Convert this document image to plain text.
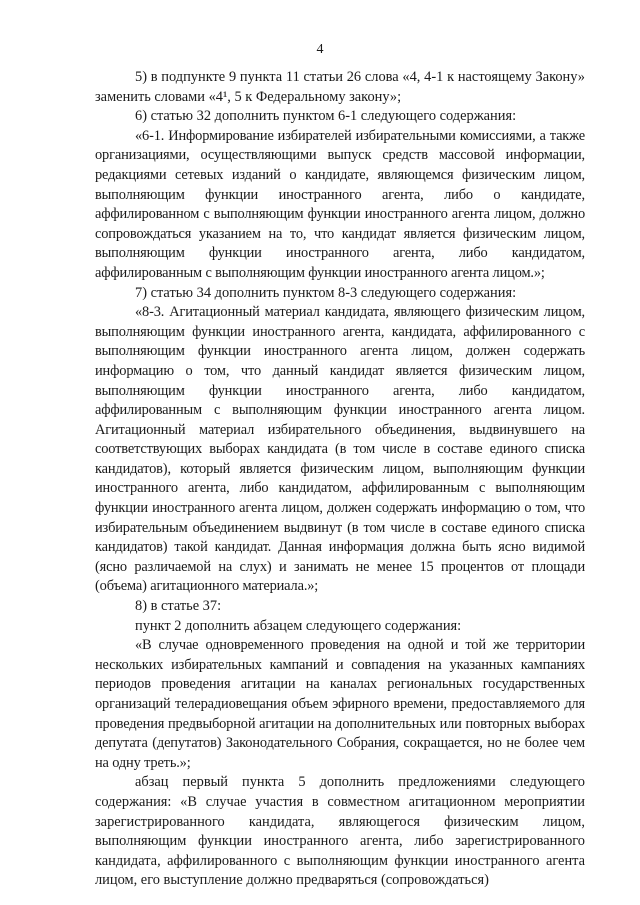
4

5) в подпункте 9 пункта 11 статьи 26 слова «4, 4-1 к настоящему Закону» заменить словами «4¹, 5 к Федеральному закону»;

6) статью 32 дополнить пунктом 6-1 следующего содержания:

«6-1. Информирование избирателей избирательными комиссиями, а также организациями, осуществляющими выпуск средств массовой информации, редакциями сетевых изданий о кандидате, являющемся физическим лицом, выполняющим функции иностранного агента, либо о кандидате, аффилированном с выполняющим функции иностранного агента лицом, должно сопровождаться указанием на то, что кандидат является физическим лицом, выполняющим функции иностранного агента, либо кандидатом, аффилированным с выполняющим функции иностранного агента лицом.»;

7) статью 34 дополнить пунктом 8-3 следующего содержания:

«8-3. Агитационный материал кандидата, являющего физическим лицом, выполняющим функции иностранного агента, кандидата, аффилированного с выполняющим функции иностранного агента лицом, должен содержать информацию о том, что данный кандидат является физическим лицом, выполняющим функции иностранного агента, либо кандидатом, аффилированным с выполняющим функции иностранного агента лицом. Агитационный материал избирательного объединения, выдвинувшего на соответствующих выборах кандидата (в том числе в составе единого списка кандидатов), который является физическим лицом, выполняющим функции иностранного агента, либо кандидатом, аффилированным с выполняющим функции иностранного агента лицом, должен содержать информацию о том, что избирательным объединением выдвинут (в том числе в составе единого списка кандидатов) такой кандидат. Данная информация должна быть ясно видимой (ясно различаемой на слух) и занимать не менее 15 процентов от площади (объема) агитационного материала.»;

8) в статье 37:

пункт 2 дополнить абзацем следующего содержания:

«В случае одновременного проведения на одной и той же территории нескольких избирательных кампаний и совпадения на указанных кампаниях периодов проведения агитации на каналах региональных государственных организаций телерадиовещания объем эфирного времени, предоставляемого для проведения предвыборной агитации на дополнительных или повторных выборах депутата (депутатов) Законодательного Собрания, сокращается, но не более чем на одну треть.»;

абзац первый пункта 5 дополнить предложениями следующего содержания: «В случае участия в совместном агитационном мероприятии зарегистрированного кандидата, являющегося физическим лицом, выполняющим функции иностранного агента, либо зарегистрированного кандидата, аффилированного с выполняющим функции иностранного агента лицом, его выступление должно предваряться (сопровождаться)
